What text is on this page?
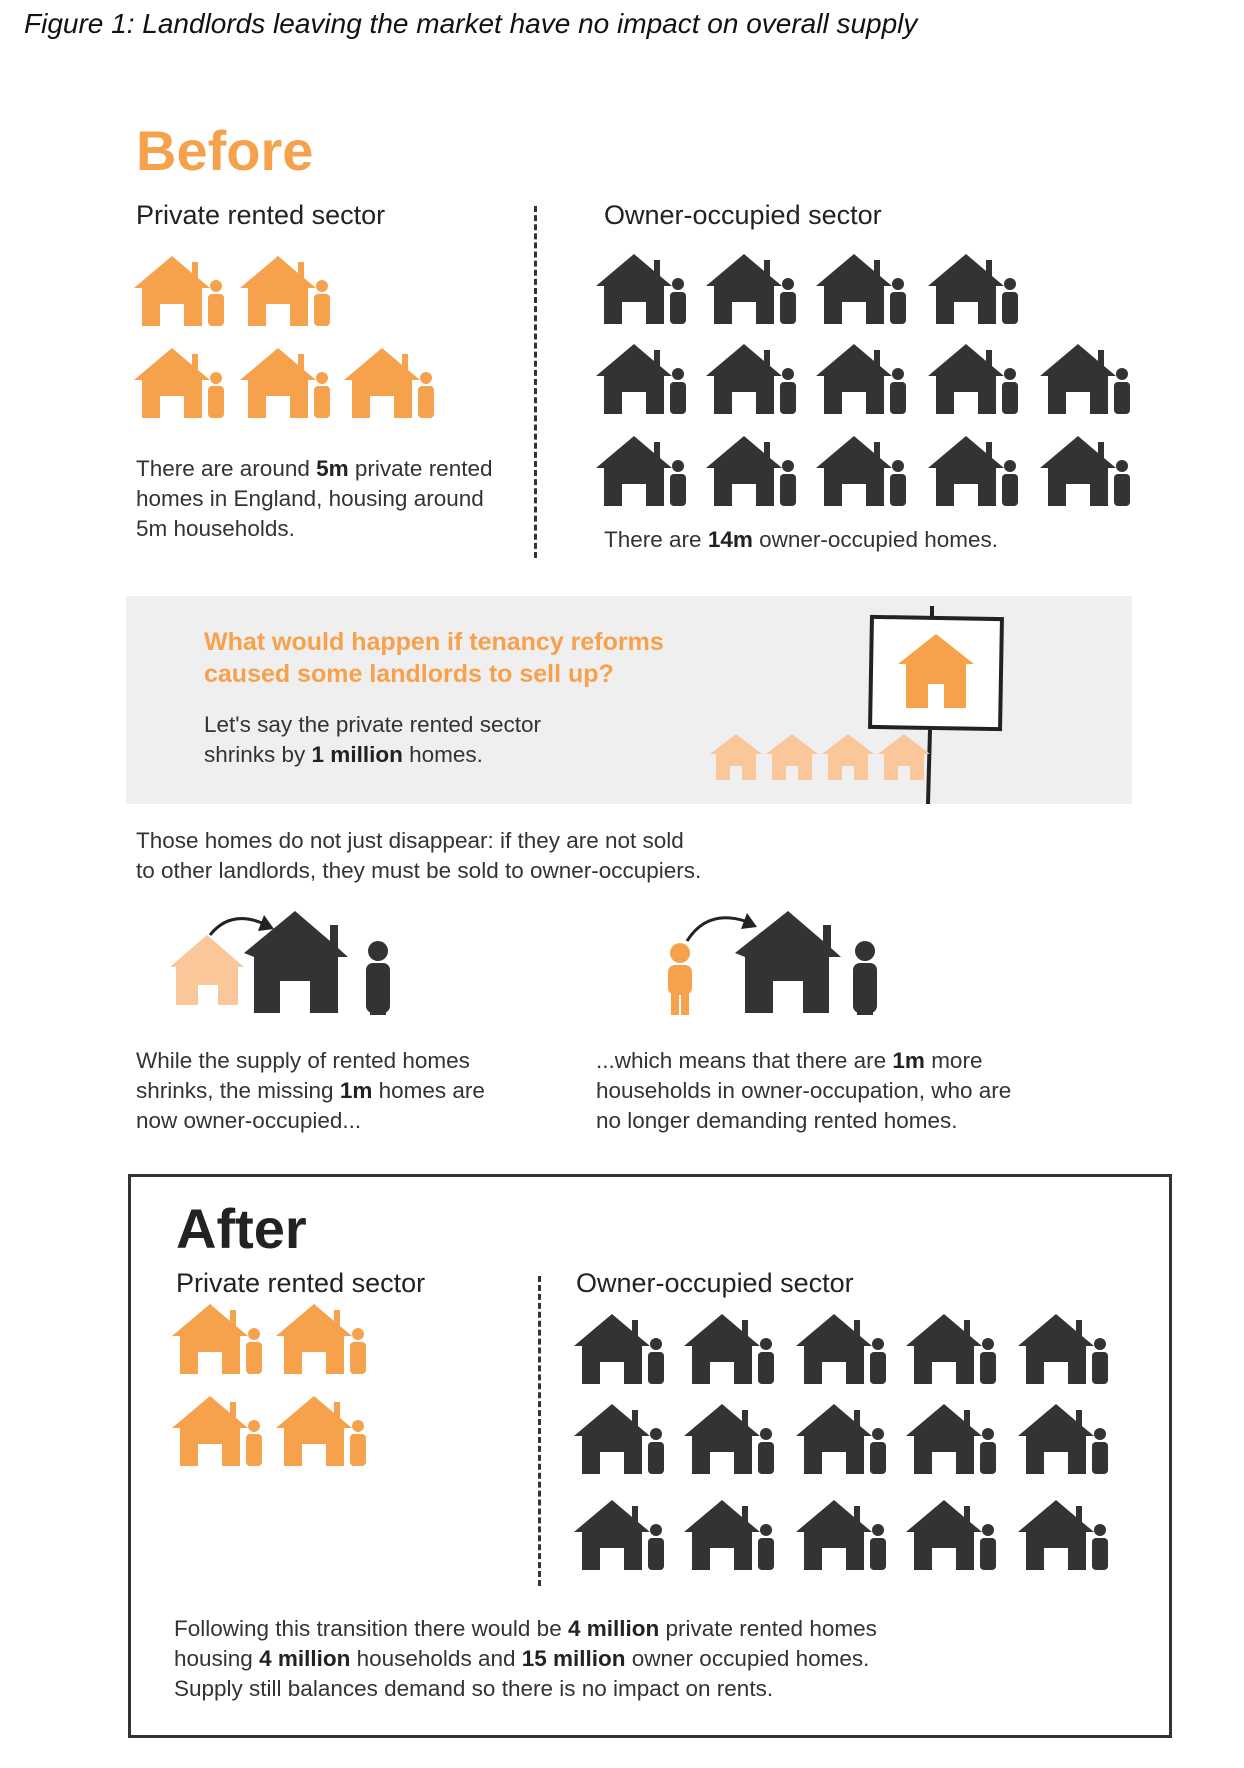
Figure 1: Landlords leaving the market have no impact on overall supply
Before
Private rented sector	Owner-occupied sector
There are around 5m private rented homes in England, housing around 5m households.	There are 14m owner-occupied homes.
What would happen if tenancy reforms
caused some landlords to sell up?
Let's say the private rented sector shrinks by 1 million homes.
Those homes do not just disappear: if they are not sold
to other landlords, they must be sold to owner-occupiers.
While the supply of rented homes shrinks, the missing 1m homes are now owner-occupied...
...which means that there are 1m more households in owner-occupation, who are no longer demanding rented homes.
After
Private rented sector	Owner-occupied sector
Following this transition there would be 4 million private rented homes housing 4 million households and 15 million owner occupied homes. Supply still balances demand so there is no impact on rents.
